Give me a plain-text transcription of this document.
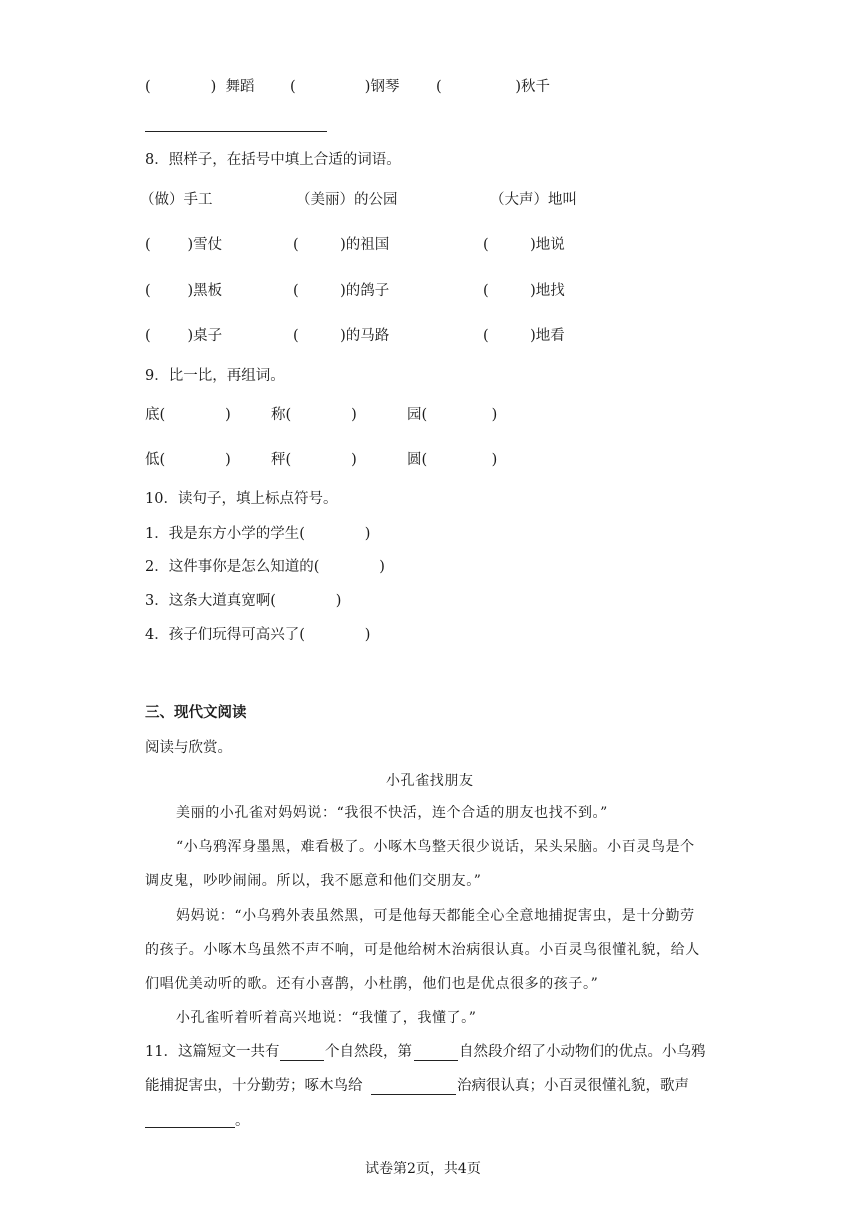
(             )  舞蹈 (               )钢琴	(                )秋千
8．照样子，在括号中填上合适的词语。
（做）手工	（美丽）的公园	（大声）地叫
(        )雪仗	(         )的祖国	(         )地说
(        )黑板	(         )的鸽子	(         )地找
(        )桌子	(         )的马路	(         )地看
9．比一比，再组词。
底(             )	称(             )	园(              )
低(             )	秤(             )	圆(              )
10．读句子，填上标点符号。
1．我是东方小学的学生(             )
2．这件事你是怎么知道的(             )
3．这条大道真宽啊(             )
4．孩子们玩得可高兴了(             )
三、现代文阅读
阅读与欣赏。
小孔雀找朋友
美丽的小孔雀对妈妈说：“我很不快活，连个合适的朋友也找不到。”
“小乌鸦浑身墨黑，难看极了。小啄木鸟整天很少说话，呆头呆脑。小百灵鸟是个
调皮鬼，吵吵闹闹。所以，我不愿意和他们交朋友。”
妈妈说：“小乌鸦外表虽然黑，可是他每天都能全心全意地捕捉害虫，是十分勤劳
的孩子。小啄木鸟虽然不声不响，可是他给树木治病很认真。小百灵鸟很懂礼貌，给人
们唱优美动听的歌。还有小喜鹊，小杜鹃，他们也是优点很多的孩子。”
小孔雀听着听着高兴地说：“我懂了，我懂了。”
11．这篇短文一共有	个自然段，第	自然段介绍了小动物们的优点。小乌鸦
能捕捉害虫，十分勤劳；啄木鸟给	治病很认真；小百灵很懂礼貌，歌声
。
试卷第2页，共4页
